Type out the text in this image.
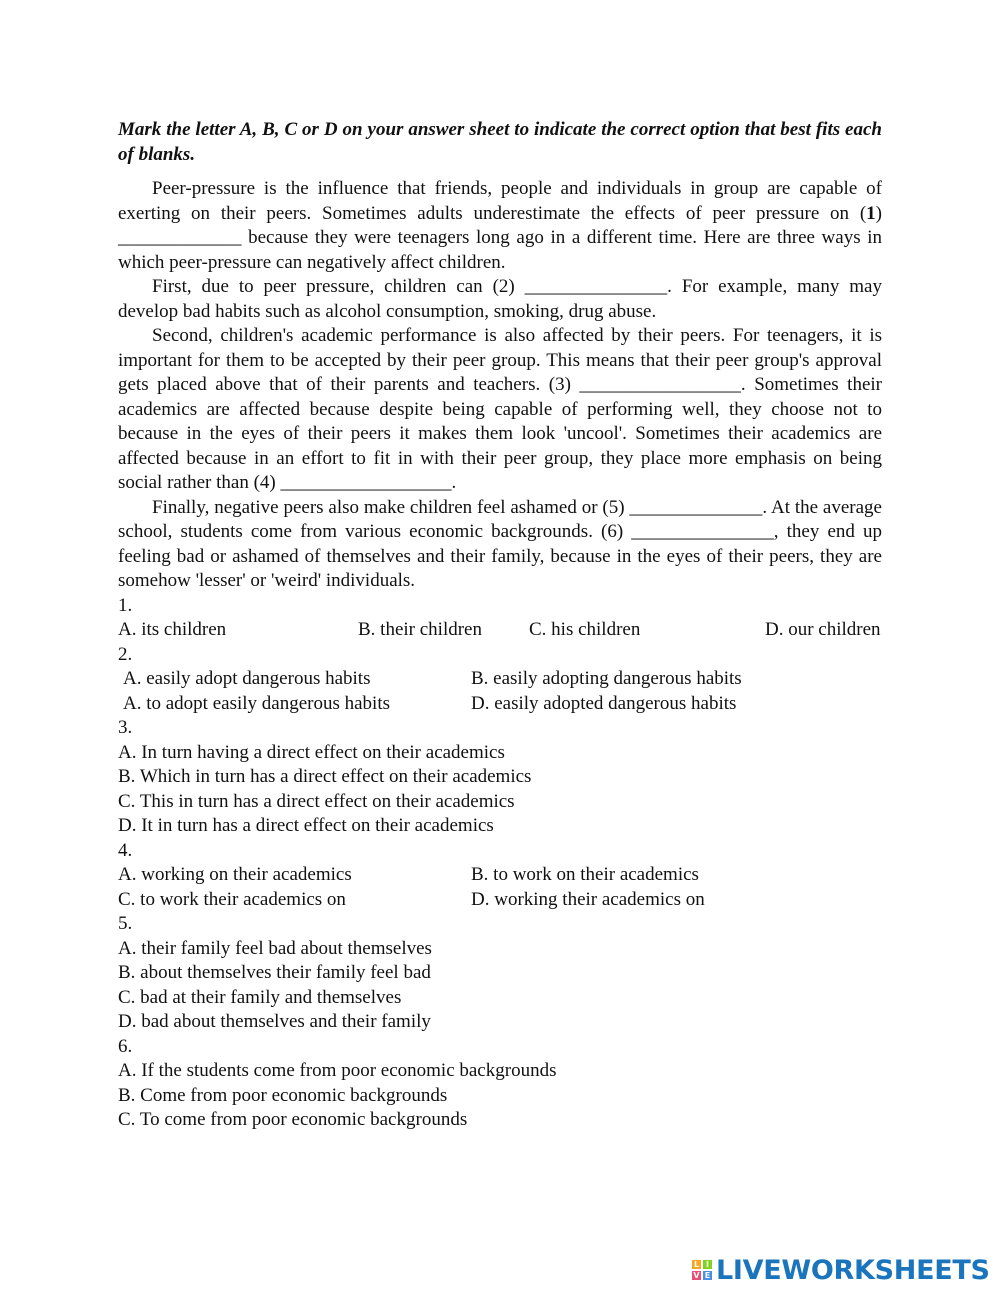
Mark the letter A, B, C or D on your answer sheet to indicate the correct option that best fits each of blanks.

Peer-pressure is the influence that friends, people and individuals in group are capable of exerting on their peers. Sometimes adults underestimate the effects of peer pressure on (1) _____________ because they were teenagers long ago in a different time. Here are three ways in which peer-pressure can negatively affect children.

First, due to peer pressure, children can (2) _______________. For example, many may develop bad habits such as alcohol consumption, smoking, drug abuse.

Second, children's academic performance is also affected by their peers. For teenagers, it is important for them to be accepted by their peer group. This means that their peer group's approval gets placed above that of their parents and teachers. (3) _________________. Sometimes their academics are affected because despite being capable of performing well, they choose not to because in the eyes of their peers it makes them look 'uncool'. Sometimes their academics are affected because in an effort to fit in with their peer group, they place more emphasis on being social rather than (4) __________________.

Finally, negative peers also make children feel ashamed or (5) ______________. At the average school, students come from various economic backgrounds. (6) _______________, they end up feeling bad or ashamed of themselves and their family, because in the eyes of their peers, they are somehow 'lesser' or 'weird' individuals.

1.

A. its children	B. their children	C. his children	D. our children

2.

A. easily adopt dangerous habits	B. easily adopting dangerous habits
A. to adopt easily dangerous habits	D. easily adopted dangerous habits

3.

A. In turn having a direct effect on their academics

B. Which in turn has a direct effect on their academics

C. This in turn has a direct effect on their academics

D. It in turn has a direct effect on their academics

4.

A. working on their academics	B. to work on their academics
C. to work their academics on	D. working their academics on

5.

A. their family feel bad about themselves

B. about themselves their family feel bad

C. bad at their family and themselves

D. bad about themselves and their family

6.

A. If the students come from poor economic backgrounds

B. Come from poor economic backgrounds

C. To come from poor economic backgrounds

L I
V E LIVEWORKSHEETS
